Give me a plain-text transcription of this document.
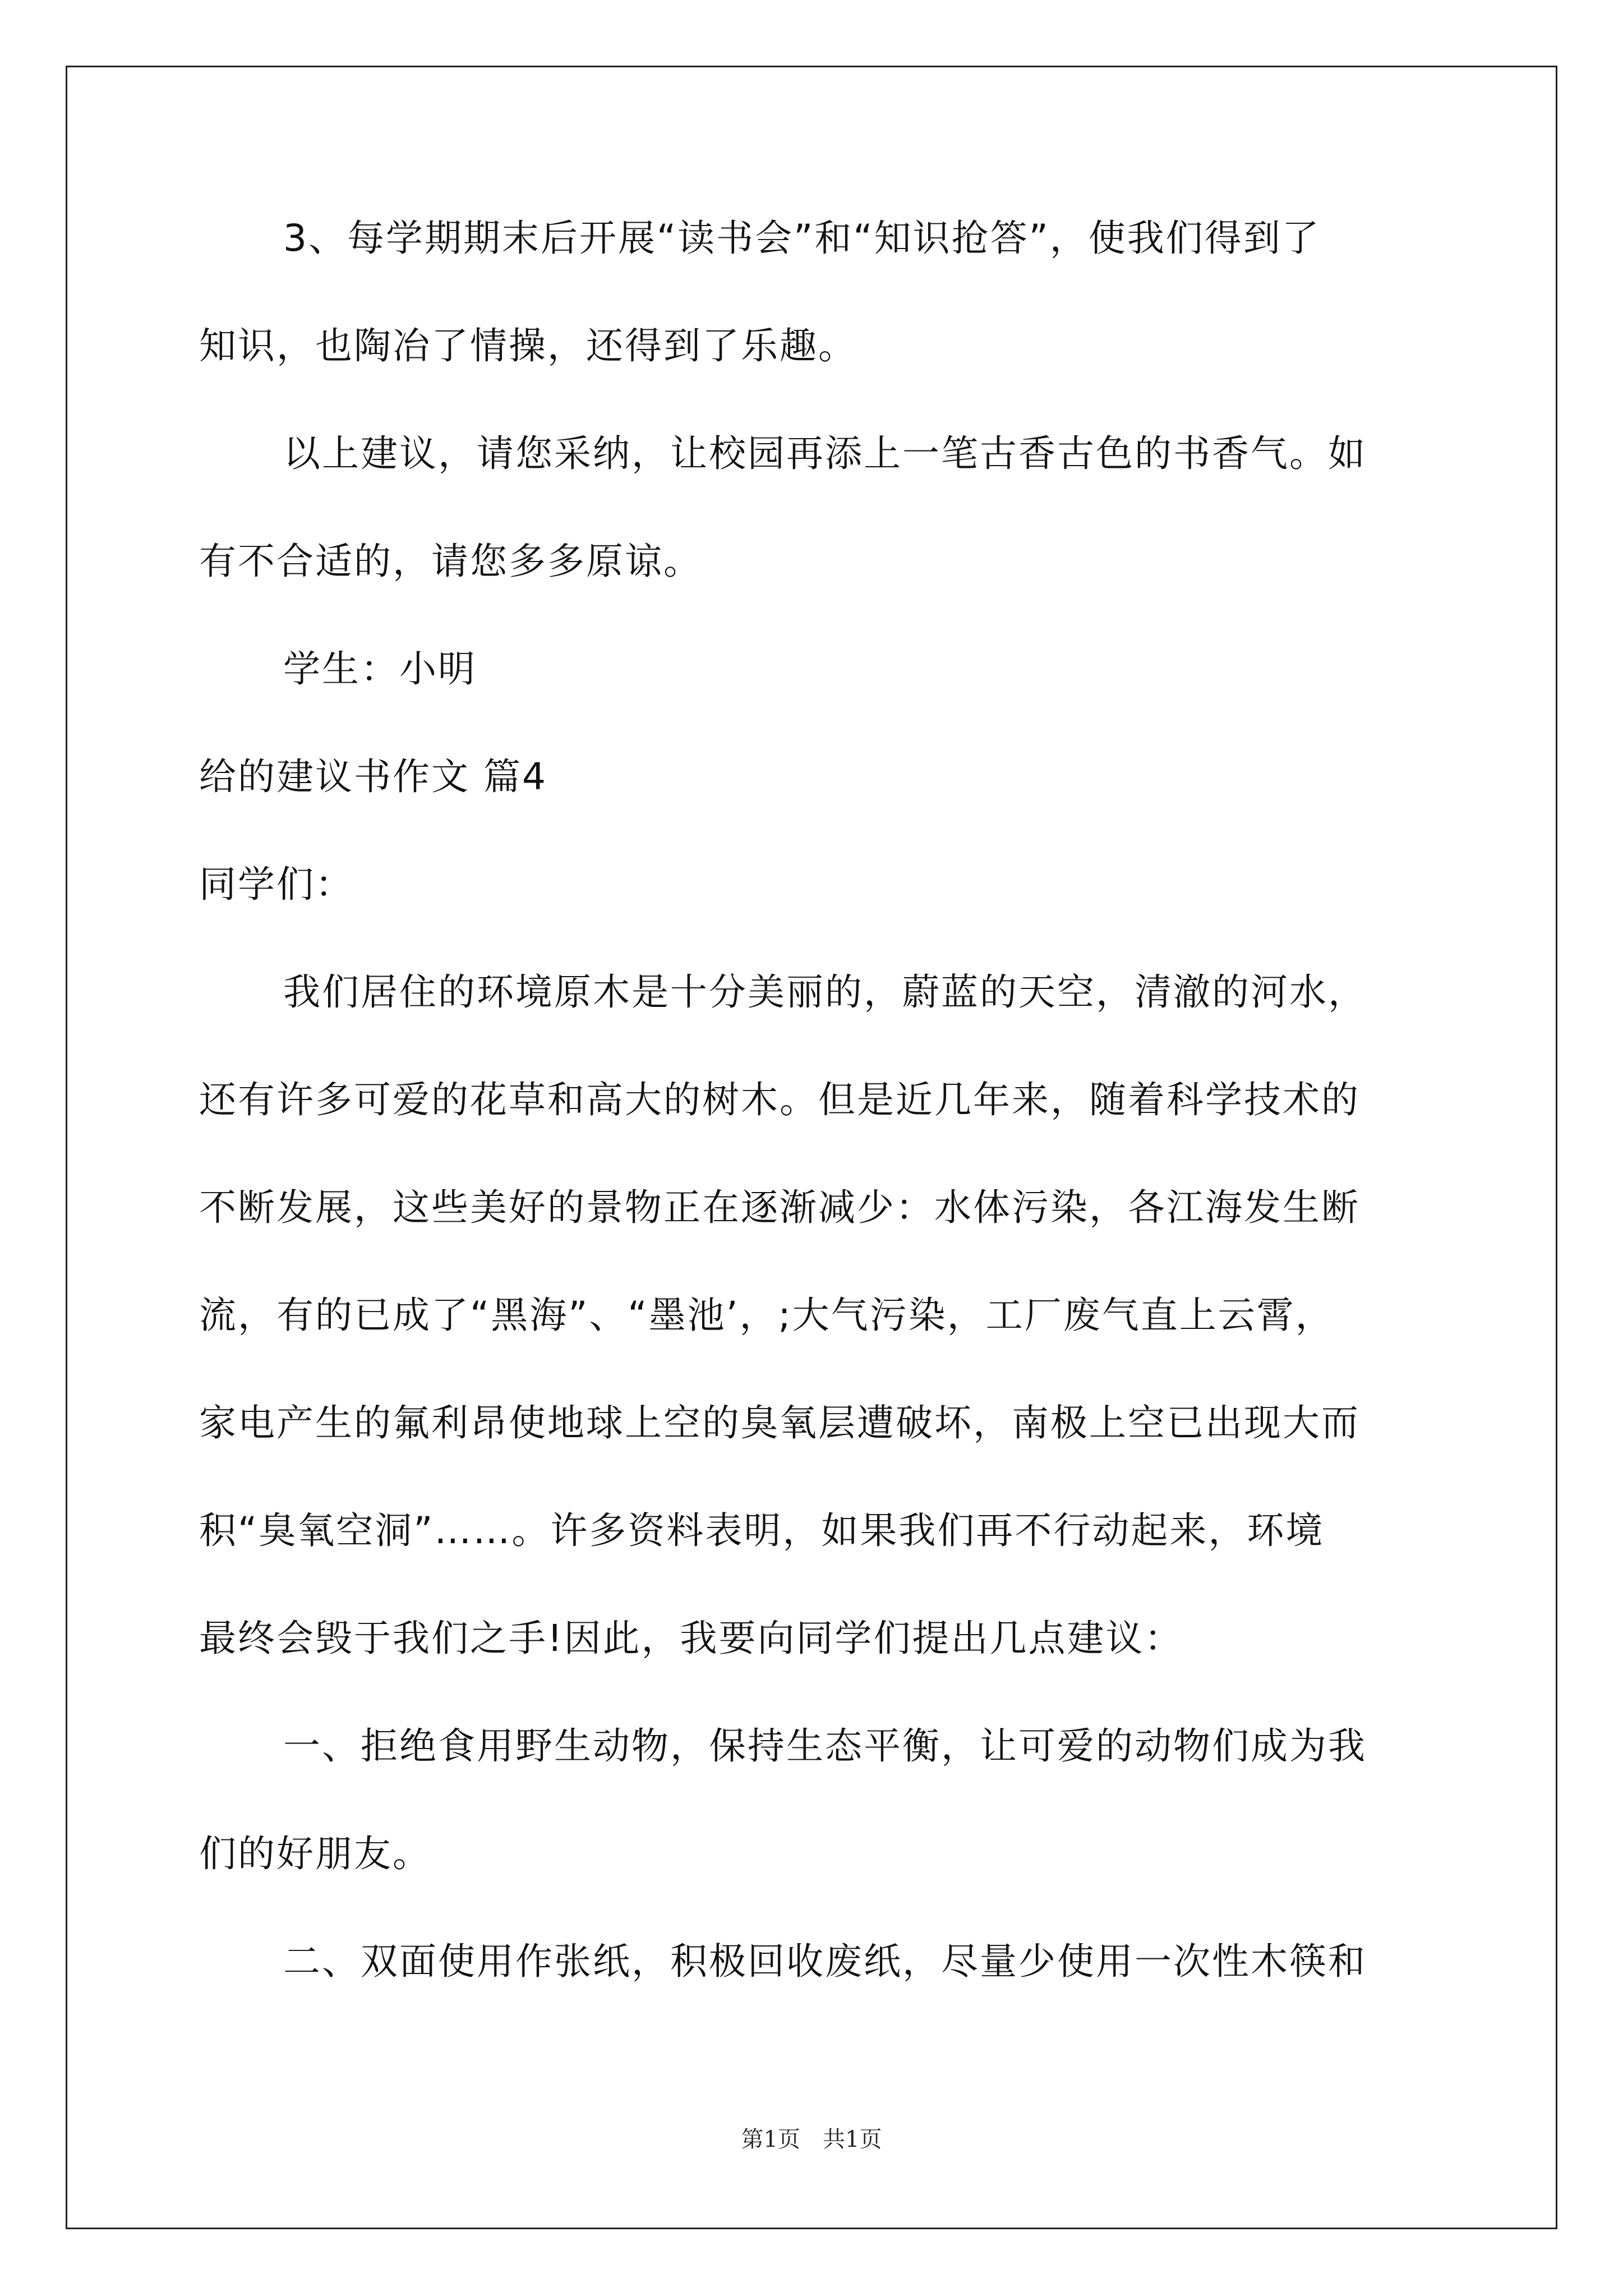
3、每学期期末后开展“读书会”和“知识抢答”，使我们得到了
知识，也陶冶了情操，还得到了乐趣。
以上建议，请您采纳，让校园再添上一笔古香古色的书香气。如
有不合适的，请您多多原谅。
学生：小明
给的建议书作文 篇4
同学们：
我们居住的环境原木是十分美丽的，蔚蓝的天空，清澈的河水，
还有许多可爱的花草和高大的树木。但是近几年来，随着科学技术的
不断发展，这些美好的景物正在逐渐减少：水体污染，各江海发生断
流，有的已成了“黑海”、“墨池’，;大气污染，工厂废气直上云霄，
家电产生的氟利昂使地球上空的臭氧层遭破坏，南极上空已出现大而
积“臭氧空洞”……。许多资料表明，如果我们再不行动起来，环境
最终会毁于我们之手!因此，我要向同学们提出几点建议：
一、拒绝食用野生动物，保持生态平衡，让可爱的动物们成为我
们的好朋友。
二、双面使用作张纸，积极回收废纸，尽量少使用一次性木筷和
第1页　共1页
